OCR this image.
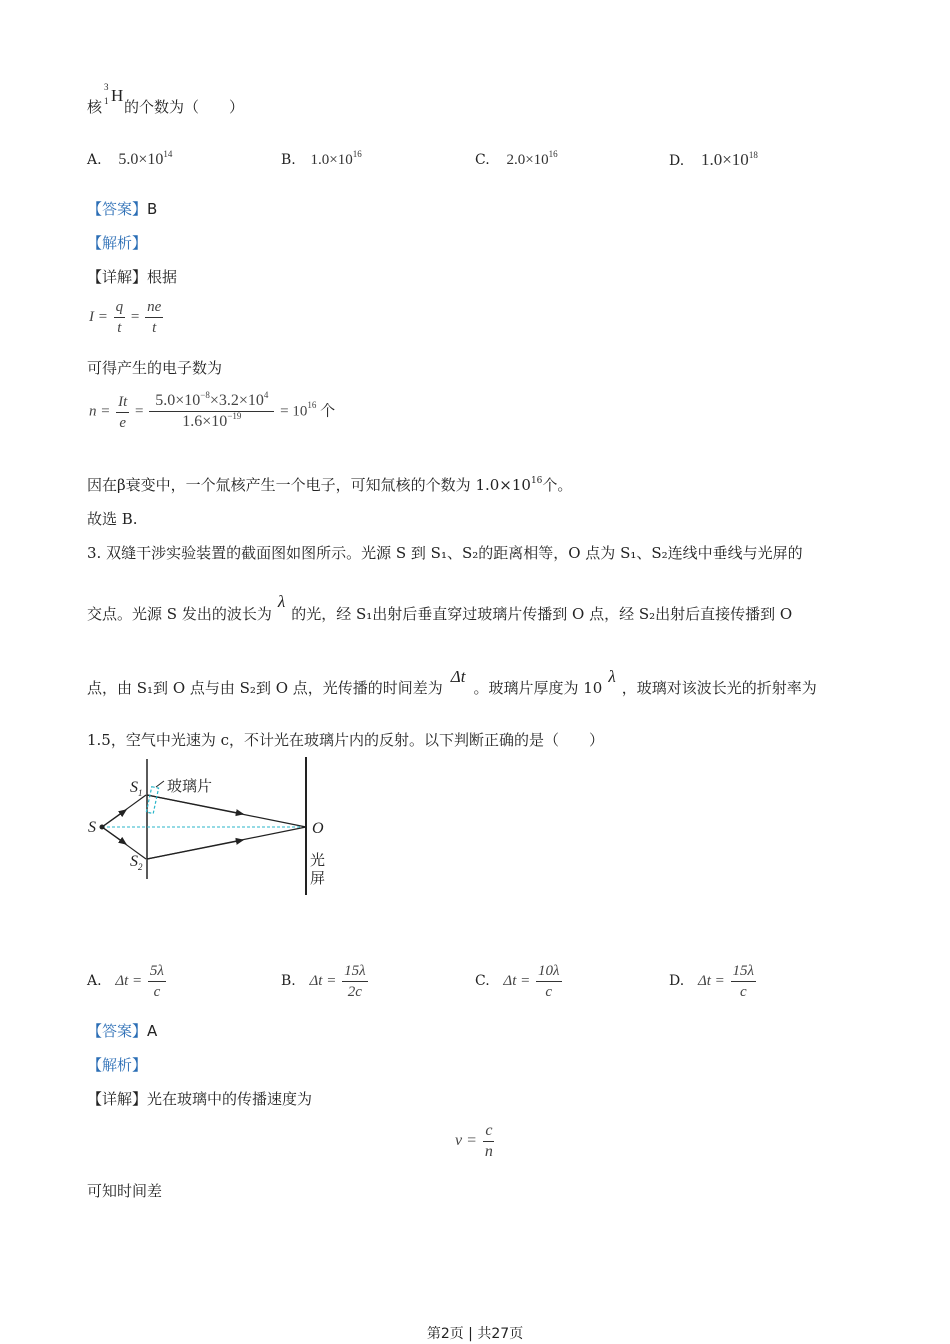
核
3
1 H
的个数为（　　）
A. $5.0\times 10^{14}$	B. $1.0\times 10^{16}$	C. $2.0\times 10^{16}$	D. $1.0\times 10^{18}$
【答案】B
【解析】
【详解】根据
$I = \frac{q}{t} = \frac{ne}{t}$
可得产生的电子数为
$n = \frac{It}{e} = \frac{5.0\times 10^{-8}\times 3.2\times 10^4}{1.6\times 10^{-19}} = 10^{16}$ 个
因在β衰变中，一个氚核产生一个电子，可知氚核的个数为 $1.0\times 10^{16}$个。
故选 B.
3. 双缝干涉实验装置的截面图如图所示。光源 S 到 S₁、S₂的距离相等，O 点为 S₁、S₂连线中垂线与光屏的
交点。光源 S 发出的波长为λ的光，经 S₁出射后垂直穿过玻璃片传播到 O 点，经 S₂出射后直接传播到 O
点，由 S₁到 O 点与由 S₂到 O 点，光传播的时间差为Δt。玻璃片厚度为 10λ，玻璃对该波长光的折射率为
1.5，空气中光速为 c，不计光在玻璃片内的反射。以下判断正确的是（　　）
S
$S_1$
$S_2$
玻璃片
O
光
屏
A. $\Delta t = \frac{5\lambda}{c}$	B. $\Delta t = \frac{15\lambda}{2c}$	C. $\Delta t = \frac{10\lambda}{c}$	D. $\Delta t = \frac{15\lambda}{c}$
【答案】A
【解析】
【详解】光在玻璃中的传播速度为
$v = \frac{c}{n}$
可知时间差
第2页 | 共27页
